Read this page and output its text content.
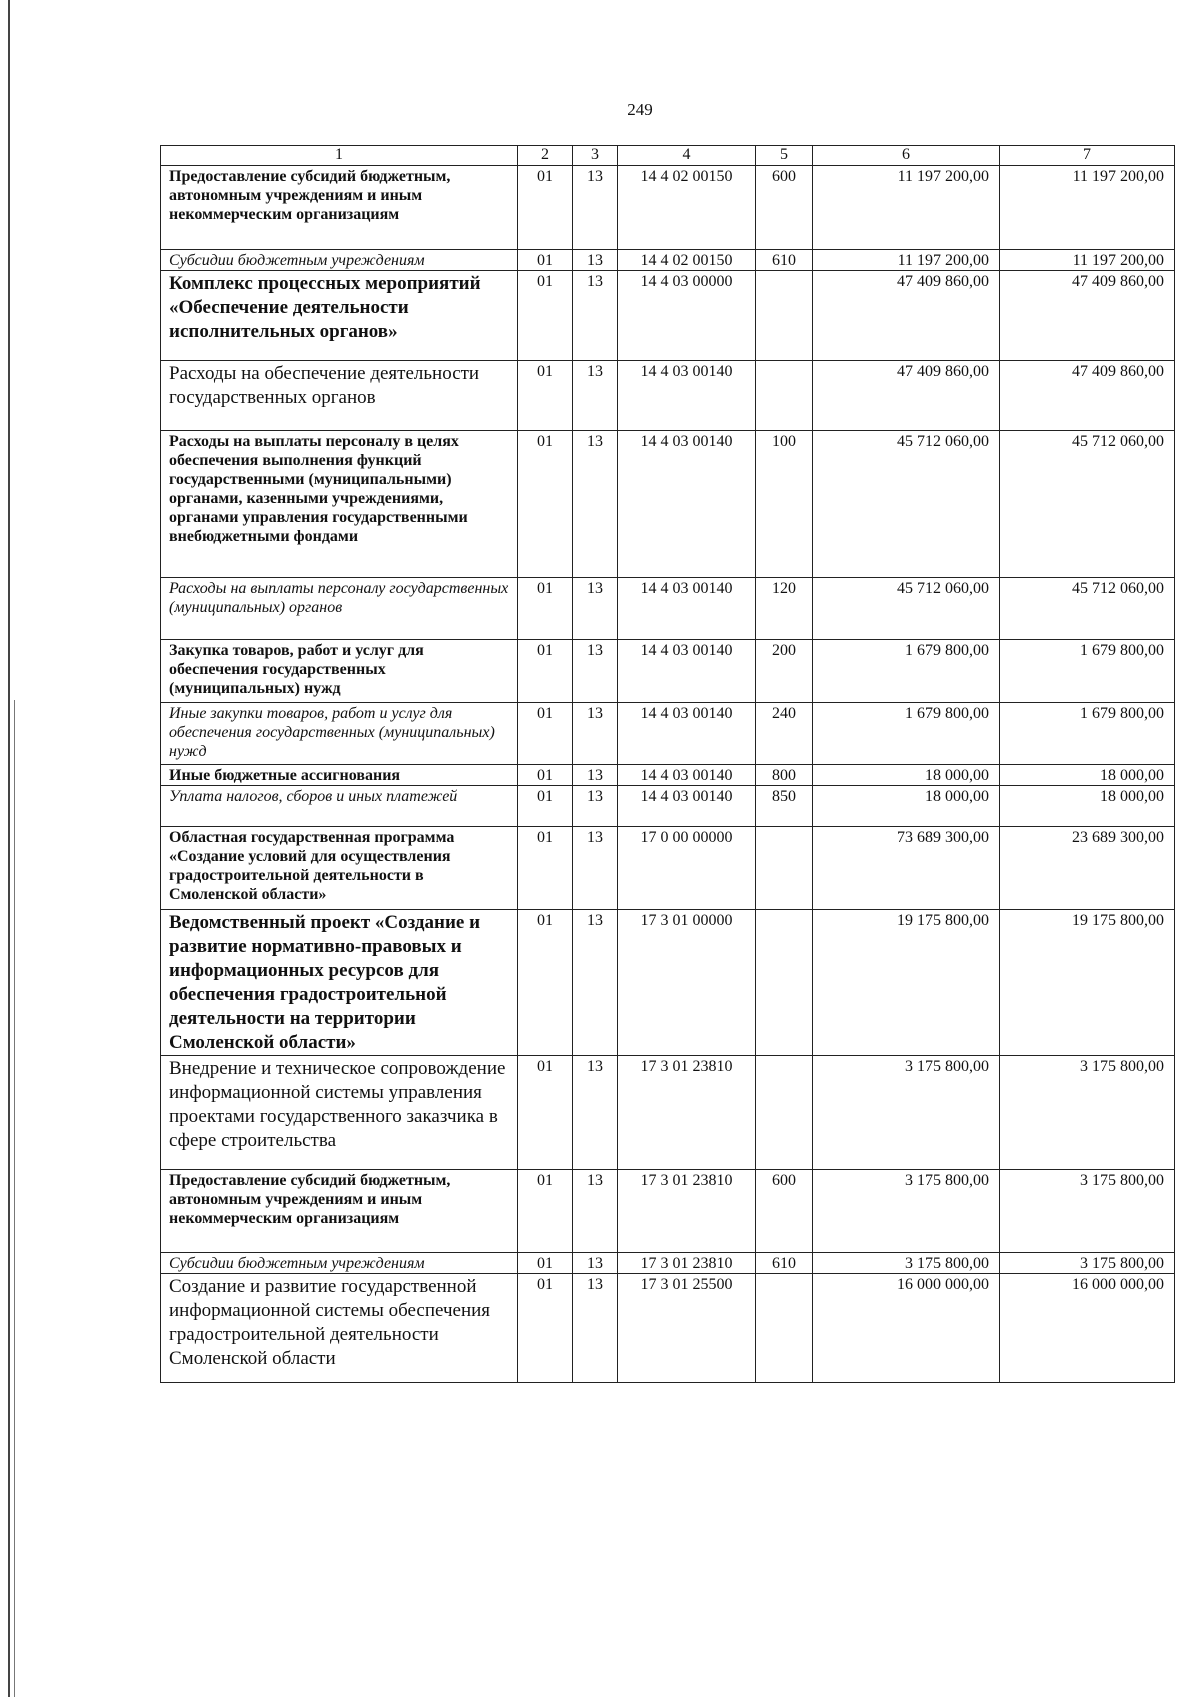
249
1	2	3	4	5	6	7
Предоставление субсидий бюджетным, автономным учреждениям и иным некоммерческим организациям	01	13	14 4 02 00150	600	11 197 200,00	11 197 200,00
Субсидии бюджетным учреждениям	01	13	14 4 02 00150	610	11 197 200,00	11 197 200,00
Комплекс процессных мероприятий «Обеспечение деятельности исполнительных органов»	01	13	14 4 03 00000		47 409 860,00	47 409 860,00
Расходы на обеспечение деятельности государственных органов	01	13	14 4 03 00140		47 409 860,00	47 409 860,00
Расходы на выплаты персоналу в целях обеспечения выполнения функций государственными (муниципальными) органами, казенными учреждениями, органами управления государственными внебюджетными фондами	01	13	14 4 03 00140	100	45 712 060,00	45 712 060,00
Расходы на выплаты персоналу государственных (муниципальных) органов	01	13	14 4 03 00140	120	45 712 060,00	45 712 060,00
Закупка товаров, работ и услуг для обеспечения государственных (муниципальных) нужд	01	13	14 4 03 00140	200	1 679 800,00	1 679 800,00
Иные закупки товаров, работ и услуг для обеспечения государственных (муниципальных) нужд	01	13	14 4 03 00140	240	1 679 800,00	1 679 800,00
Иные бюджетные ассигнования	01	13	14 4 03 00140	800	18 000,00	18 000,00
Уплата налогов, сборов и иных платежей	01	13	14 4 03 00140	850	18 000,00	18 000,00
Областная государственная программа «Создание условий для осуществления градостроительной деятельности в Смоленской области»	01	13	17 0 00 00000		73 689 300,00	23 689 300,00
Ведомственный проект «Создание и развитие нормативно-правовых и информационных ресурсов для обеспечения градостроительной деятельности на территории Смоленской области»	01	13	17 3 01 00000		19 175 800,00	19 175 800,00
Внедрение и техническое сопровождение информационной системы управления проектами государственного заказчика в сфере строительства	01	13	17 3 01 23810		3 175 800,00	3 175 800,00
Предоставление субсидий бюджетным, автономным учреждениям и иным некоммерческим организациям	01	13	17 3 01 23810	600	3 175 800,00	3 175 800,00
Субсидии бюджетным учреждениям	01	13	17 3 01 23810	610	3 175 800,00	3 175 800,00
Создание и развитие государственной информационной системы обеспечения градостроительной деятельности Смоленской области	01	13	17 3 01 25500		16 000 000,00	16 000 000,00
